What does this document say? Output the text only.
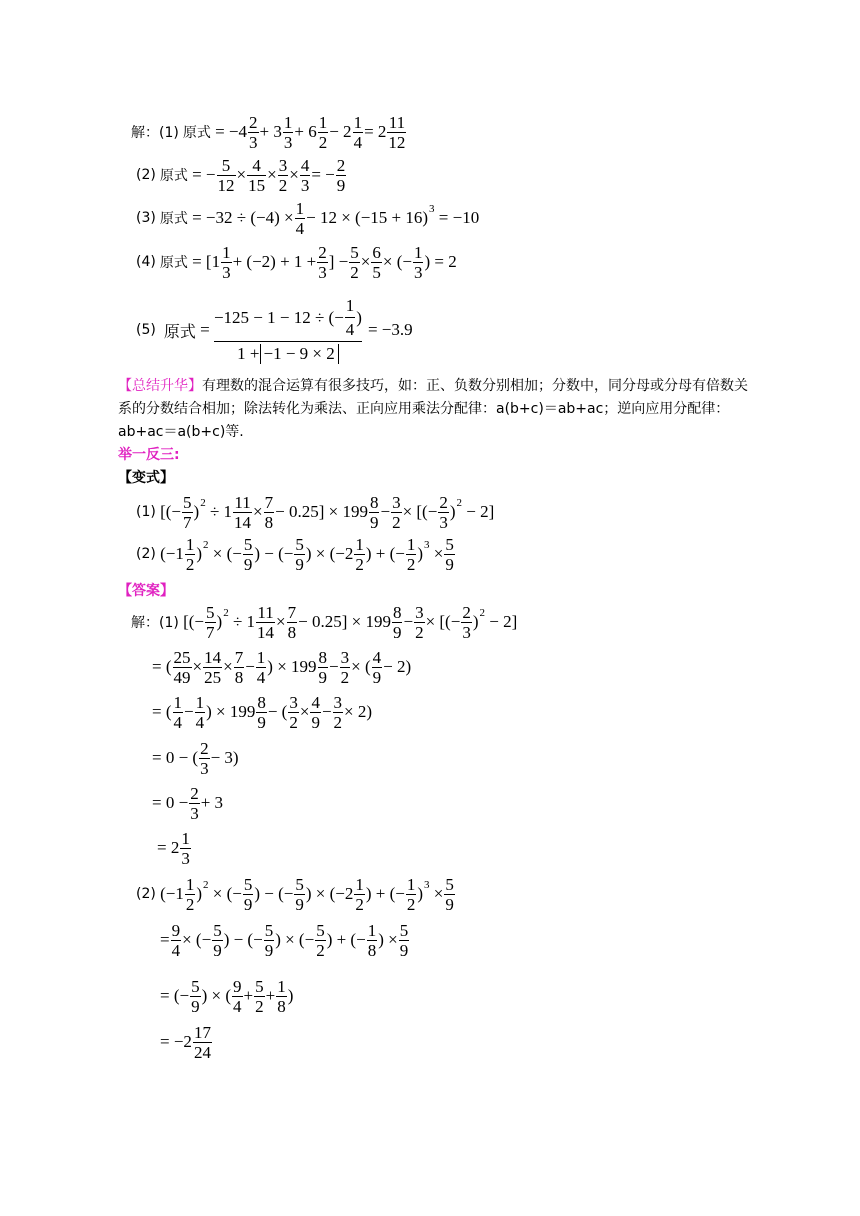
解：(1) 原式 = $-4 \frac{2}{3} + 3 \frac{1}{3} + 6 \frac{1}{2} - 2 \frac{1}{4} = 2 \frac{11}{12}$
(2) 原式 = − $\frac{5}{12} \times \frac{4}{15} \times \frac{3}{2} \times \frac{4}{3}$ = − $\frac{2}{9}$
(3) 原式 = $-32 \div (-4) \times \frac{1}{4} - 12 \times (-15 + 16) 3 = -10$
(4) 原式 = [$1 \frac{1}{3} + (-2) + 1 + \frac{2}{3}$ ] − $\frac{5}{2} \times \frac{6}{5}$ × (− $\frac{1}{3}$ ) = 2
(5) 原式 =
−125 − 1 − 12 ÷ (− $\frac{1}{4}$ )
1 + −1 − 9 × 2
= −3.9
【总结升华】有理数的混合运算有很多技巧，如：正、负数分别相加；分数中，同分母或分母有倍数关系的分数结合相加；除法转化为乘法、正向应用乘法分配律：a(b+c)＝ab+ac；逆向应用分配律：ab+ac＝a(b+c)等.
举一反三:
【变式】
(1) [(− $\frac{5}{7}$ ) $2 \div 1 \frac{11}{14} \times \frac{7}{8} - 0.25] \times 199 \frac{8}{9} - \frac{3}{2}$ × [(− $\frac{2}{3}$ ) 2 − 2]
(2) ($-1 \frac{1}{2}$ ) 2 × (− $\frac{5}{9}$ ) − (− $\frac{5}{9}$ ) × ($-2 \frac{1}{2}$ ) + (− $\frac{1}{2}$ ) $3 \times \frac{5}{9}$
【答案】
解：(1) [(− $\frac{5}{7}$ ) $2 \div 1 \frac{11}{14} \times \frac{7}{8} - 0.25] \times 199 \frac{8}{9} - \frac{3}{2}$ × [(− $\frac{2}{3}$ ) 2 − 2]
= ( $\frac{25}{49} \times \frac{14}{25} \times \frac{7}{8} - \frac{1}{4}$ ) × $199 \frac{8}{9} - \frac{3}{2}$ × ( $\frac{4}{9} - 2$)
= ( $\frac{1}{4} - \frac{1}{4}$ ) × $199 \frac{8}{9}$ − ( $\frac{3}{2} \times \frac{4}{9} - \frac{3}{2} \times 2$)
= 0 − ( $\frac{2}{3} - 3$)
= $0 - \frac{2}{3} + 3$
= $2 \frac{1}{3}$
(2) ($-1 \frac{1}{2}$ ) 2 × (− $\frac{5}{9}$ ) − (− $\frac{5}{9}$ ) × ($-2 \frac{1}{2}$ ) + (− $\frac{1}{2}$ ) $3 \times \frac{5}{9}$
= $\frac{9}{4}$ × (− $\frac{5}{9}$ ) − (− $\frac{5}{9}$ ) × (− $\frac{5}{2}$ ) + (− $\frac{1}{8}$ ) × $\frac{5}{9}$
= (− $\frac{5}{9}$ ) × ( $\frac{9}{4} + \frac{5}{2} + \frac{1}{8}$ )
= $-2 \frac{17}{24}$
